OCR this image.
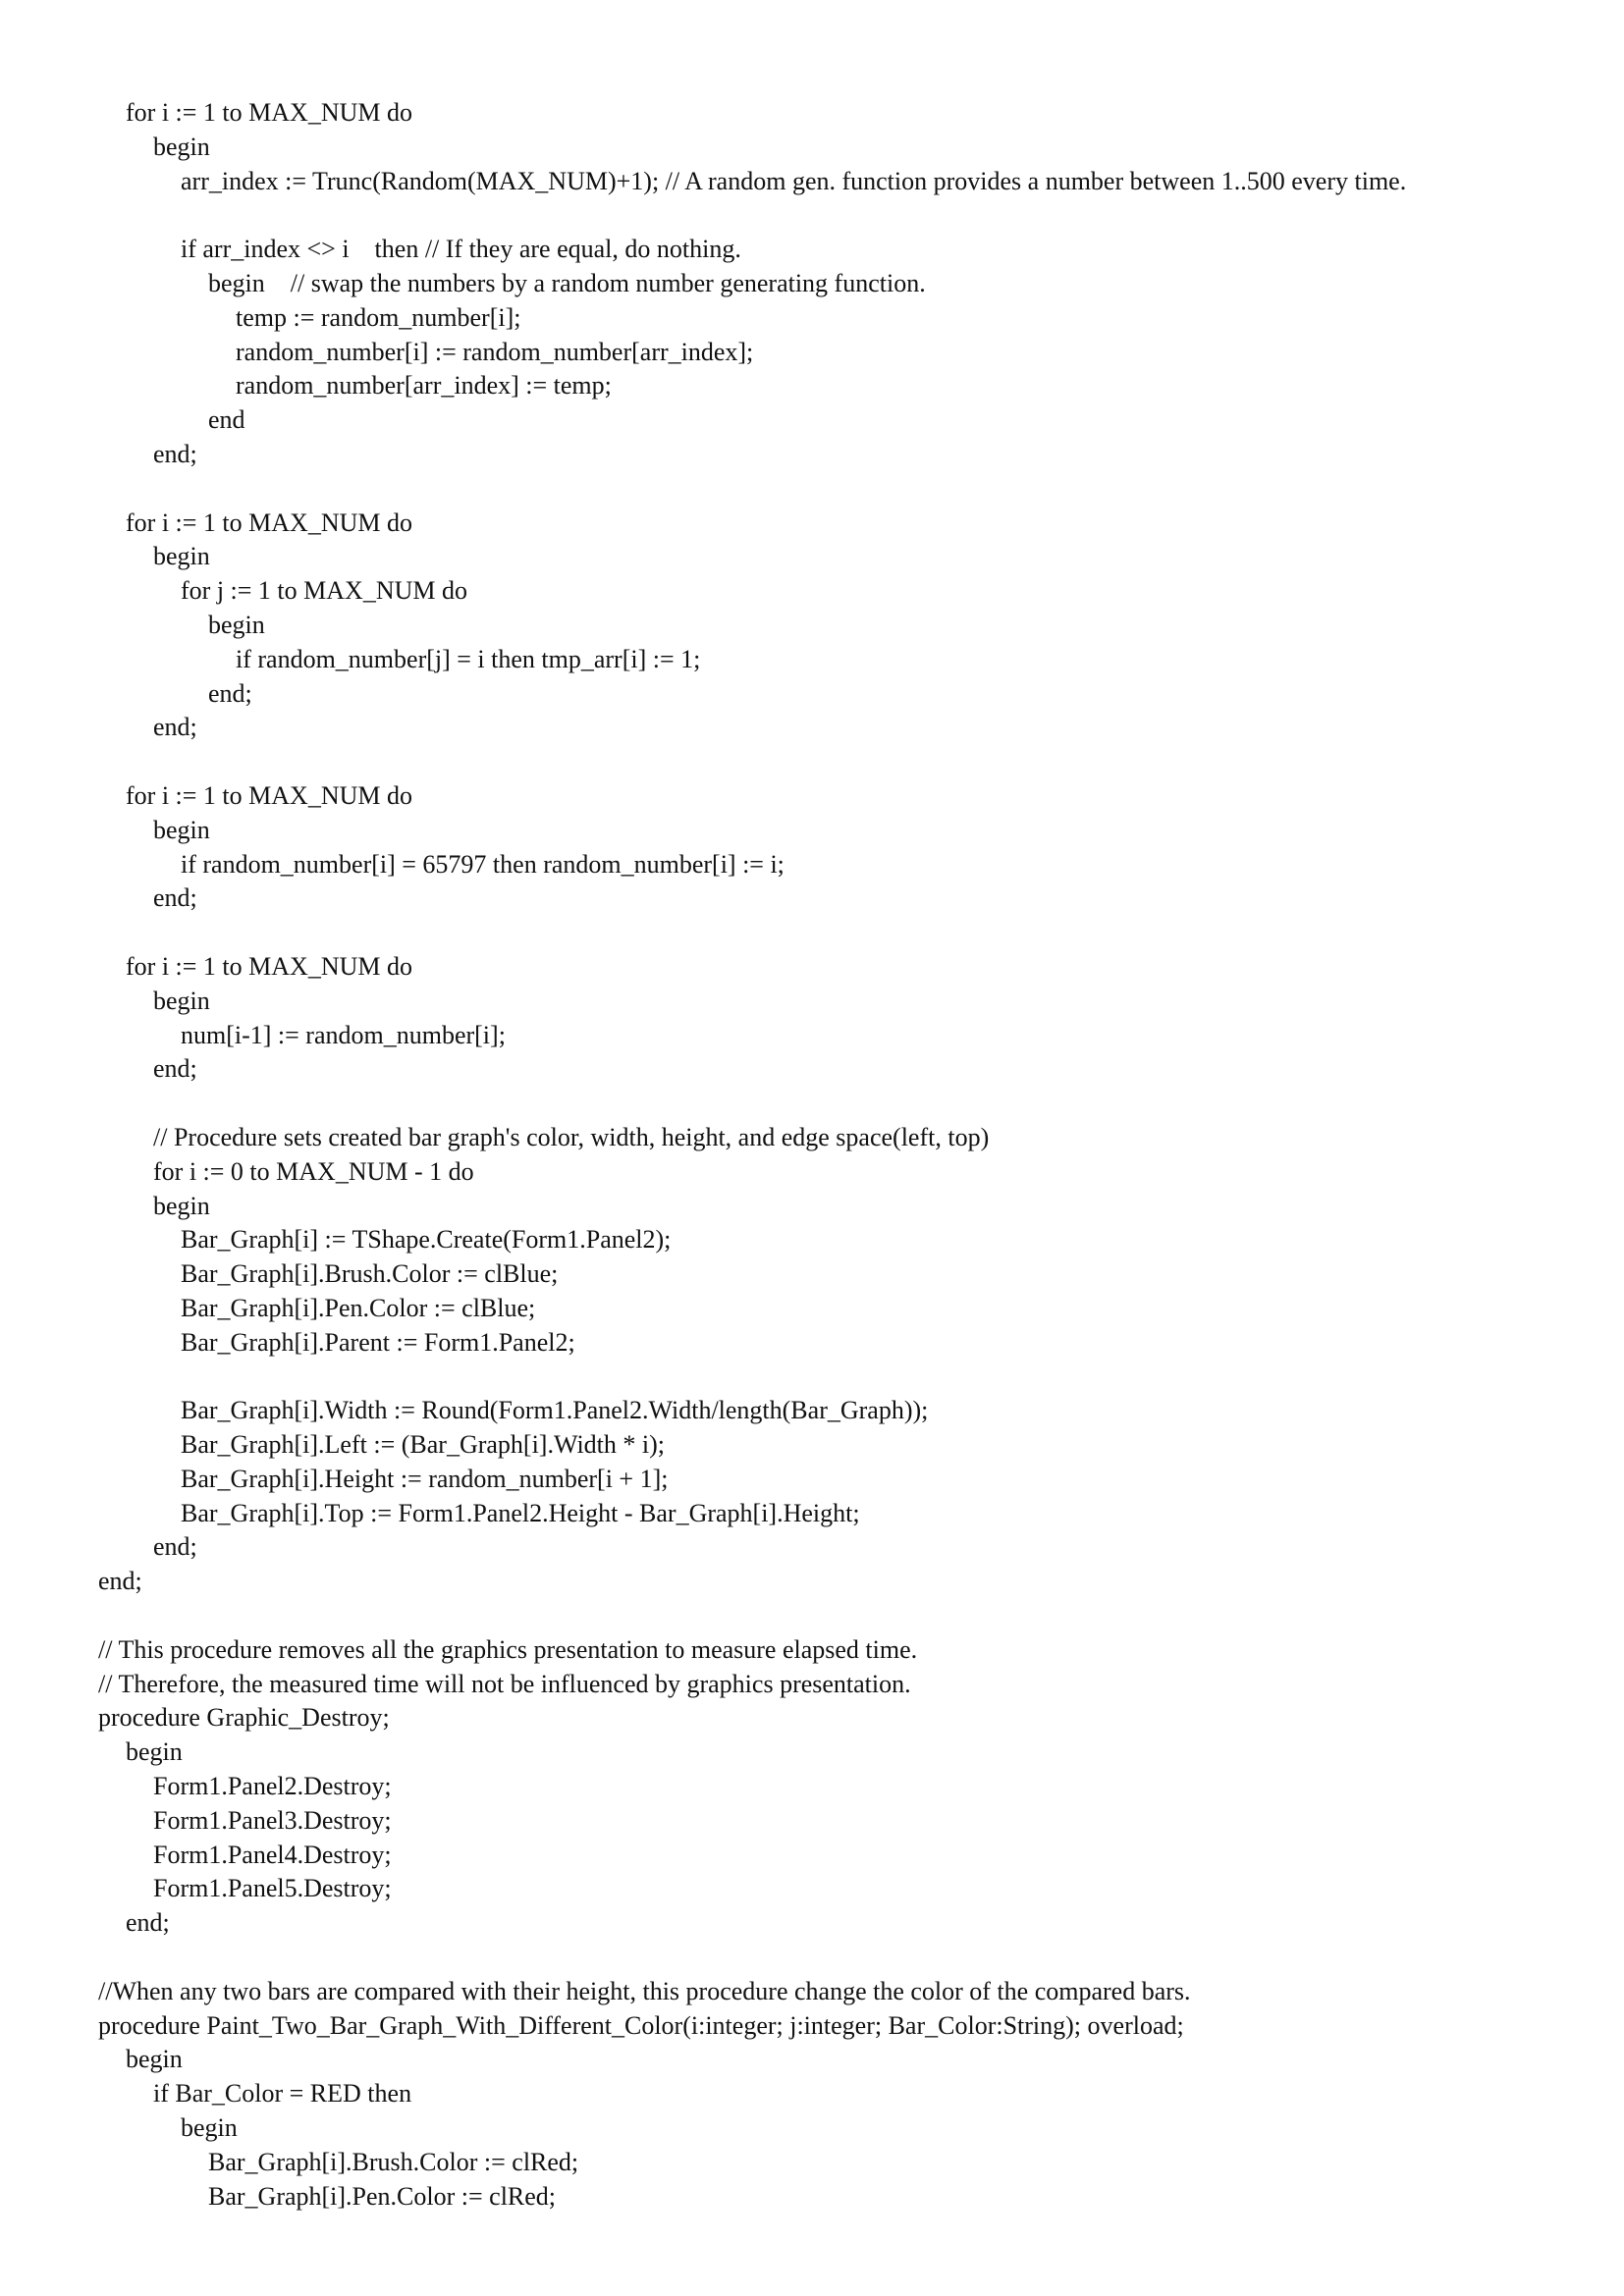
for i := 1 to MAX_NUM do
begin
arr_index := Trunc(Random(MAX_NUM)+1); // A random gen. function provides a number between 1..500 every time.
if arr_index <> i    then // If they are equal, do nothing.
begin    // swap the numbers by a random number generating function.
temp := random_number[i];
random_number[i] := random_number[arr_index];
random_number[arr_index] := temp;
end
end;
for i := 1 to MAX_NUM do
begin
for j := 1 to MAX_NUM do
begin
if random_number[j] = i then tmp_arr[i] := 1;
end;
end;
for i := 1 to MAX_NUM do
begin
if random_number[i] = 65797 then random_number[i] := i;
end;
for i := 1 to MAX_NUM do
begin
num[i-1] := random_number[i];
end;
// Procedure sets created bar graph's color, width, height, and edge space(left, top)
for i := 0 to MAX_NUM - 1 do
begin
Bar_Graph[i] := TShape.Create(Form1.Panel2);
Bar_Graph[i].Brush.Color := clBlue;
Bar_Graph[i].Pen.Color := clBlue;
Bar_Graph[i].Parent := Form1.Panel2;
Bar_Graph[i].Width := Round(Form1.Panel2.Width/length(Bar_Graph));
Bar_Graph[i].Left := (Bar_Graph[i].Width * i);
Bar_Graph[i].Height := random_number[i + 1];
Bar_Graph[i].Top := Form1.Panel2.Height - Bar_Graph[i].Height;
end;
end;
// This procedure removes all the graphics presentation to measure elapsed time.
// Therefore, the measured time will not be influenced by graphics presentation.
procedure Graphic_Destroy;
begin
Form1.Panel2.Destroy;
Form1.Panel3.Destroy;
Form1.Panel4.Destroy;
Form1.Panel5.Destroy;
end;
//When any two bars are compared with their height, this procedure change the color of the compared bars.
procedure Paint_Two_Bar_Graph_With_Different_Color(i:integer; j:integer; Bar_Color:String); overload;
begin
if Bar_Color = RED then
begin
Bar_Graph[i].Brush.Color := clRed;
Bar_Graph[i].Pen.Color := clRed;
